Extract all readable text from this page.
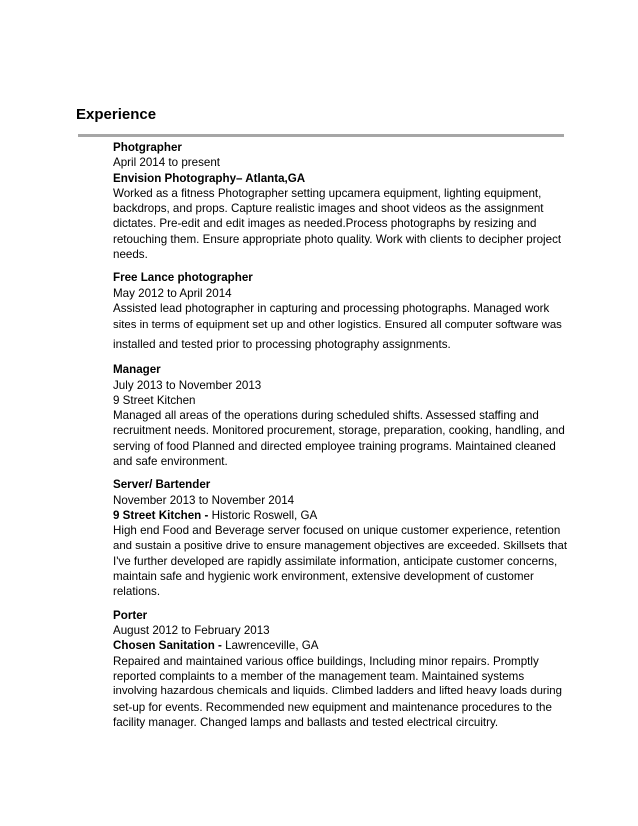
Experience
Photgrapher
April 2014 to present
Envision Photography– Atlanta,GA
Worked as a fitness Photographer setting upcamera equipment, lighting equipment,
backdrops, and props. Capture realistic images and shoot videos as the assignment
dictates. Pre-edit and edit images as needed.Process photographs by resizing and
retouching them. Ensure appropriate photo quality. Work with clients to decipher project
needs.
Free Lance photographer
May 2012 to April 2014
Assisted lead photographer in capturing and processing photographs. Managed work
sites in terms of equipment set up and other logistics. Ensured all computer software was
installed and tested prior to processing photography assignments.
Manager
July 2013 to November 2013
9 Street Kitchen
Managed all areas of the operations during scheduled shifts. Assessed staffing and
recruitment needs. Monitored procurement, storage, preparation, cooking, handling, and
serving of food Planned and directed employee training programs. Maintained cleaned
and safe environment.
Server/ Bartender
November 2013 to November 2014
9 Street Kitchen - Historic Roswell, GA
High end Food and Beverage server focused on unique customer experience, retention
and sustain a positive drive to ensure management objectives are exceeded. Skillsets that
I've further developed are rapidly assimilate information, anticipate customer concerns,
maintain safe and hygienic work environment, extensive development of customer
relations.
Porter
August 2012 to February 2013
Chosen Sanitation - Lawrenceville, GA
Repaired and maintained various office buildings, Including minor repairs. Promptly
reported complaints to a member of the management team. Maintained systems
involving hazardous chemicals and liquids. Climbed ladders and lifted heavy loads during
set-up for events. Recommended new equipment and maintenance procedures to the
facility manager. Changed lamps and ballasts and tested electrical circuitry.
